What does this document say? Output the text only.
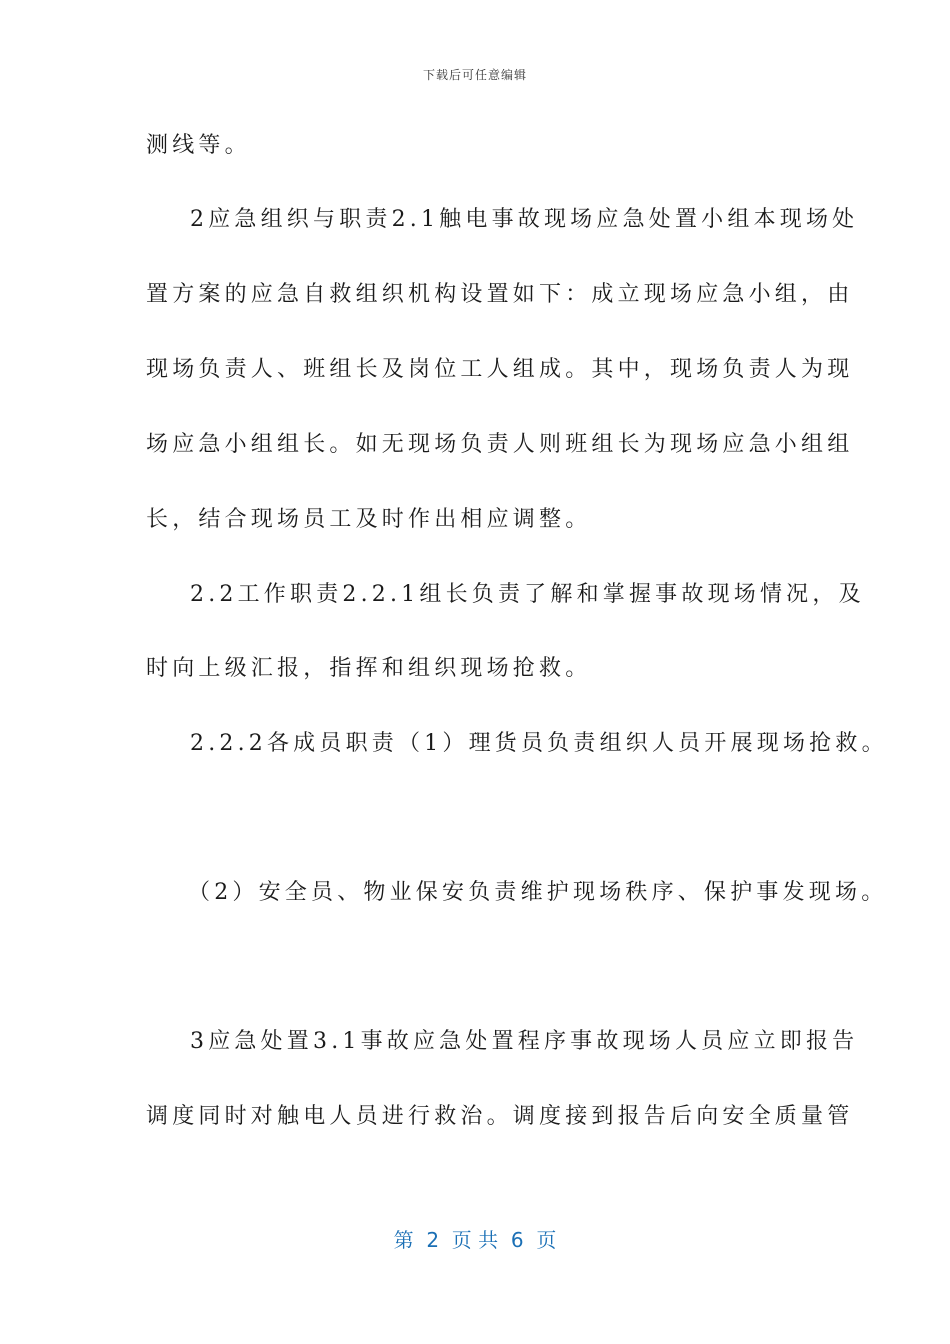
下载后可任意编辑
测线等。
2应急组织与职责2.1触电事故现场应急处置小组本现场处
置方案的应急自救组织机构设置如下：成立现场应急小组，由
现场负责人、班组长及岗位工人组成。其中，现场负责人为现
场应急小组组长。如无现场负责人则班组长为现场应急小组组
长，结合现场员工及时作出相应调整。
2.2工作职责2.2.1组长负责了解和掌握事故现场情况，及
时向上级汇报，指挥和组织现场抢救。
2.2.2各成员职责（1）理货员负责组织人员开展现场抢救。
（2）安全员、物业保安负责维护现场秩序、保护事发现场。
3应急处置3.1事故应急处置程序事故现场人员应立即报告
调度同时对触电人员进行救治。调度接到报告后向安全质量管
第  2  页 共  6  页
